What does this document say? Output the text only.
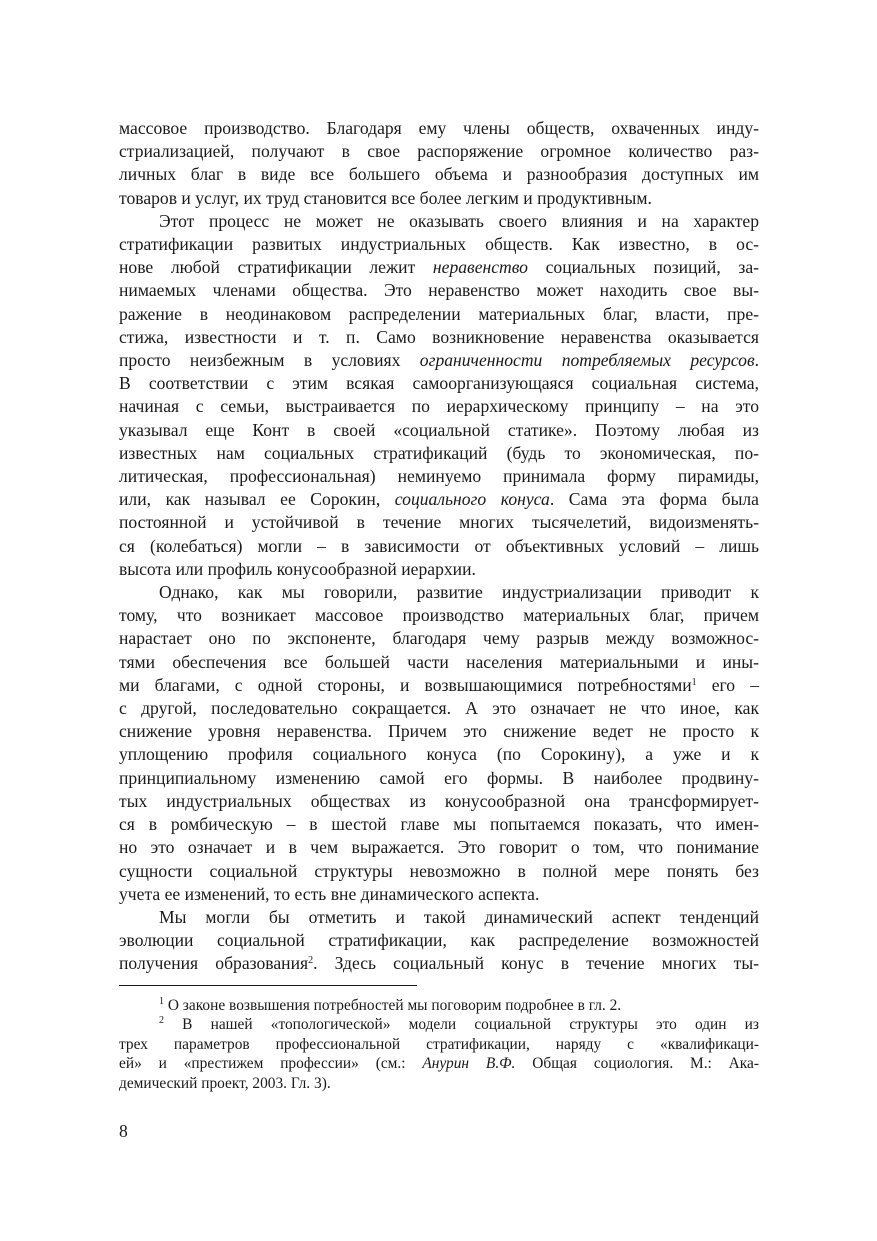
массовое производство. Благодаря ему члены обществ, охваченных инду-
стриализацией, получают в свое распоряжение огромное количество раз-
личных благ в виде все большего объема и разнообразия доступных им
товаров и услуг, их труд становится все более легким и продуктивным.
Этот процесс не может не оказывать своего влияния и на характер
стратификации развитых индустриальных обществ. Как известно, в ос-
нове любой стратификации лежит неравенство социальных позиций, за-
нимаемых членами общества. Это неравенство может находить свое вы-
ражение в неодинаковом распределении материальных благ, власти, пре-
стижа, известности и т. п. Само возникновение неравенства оказывается
просто неизбежным в условиях ограниченности потребляемых ресурсов.
В соответствии с этим всякая самоорганизующаяся социальная система,
начиная с семьи, выстраивается по иерархическому принципу – на это
указывал еще Конт в своей «социальной статике». Поэтому любая из
известных нам социальных стратификаций (будь то экономическая, по-
литическая, профессиональная) неминуемо принимала форму пирамиды,
или, как называл ее Сорокин, социального конуса. Сама эта форма была
постоянной и устойчивой в течение многих тысячелетий, видоизменять-
ся (колебаться) могли – в зависимости от объективных условий – лишь
высота или профиль конусообразной иерархии.
Однако, как мы говорили, развитие индустриализации приводит к
тому, что возникает массовое производство материальных благ, причем
нарастает оно по экспоненте, благодаря чему разрыв между возможнос-
тями обеспечения все большей части населения материальными и ины-
ми благами, с одной стороны, и возвышающимися потребностями$^1$ его –
с другой, последовательно сокращается. А это означает не что иное, как
снижение уровня неравенства. Причем это снижение ведет не просто к
уплощению профиля социального конуса (по Сорокину), а уже и к
принципиальному изменению самой его формы. В наиболее продвину-
тых индустриальных обществах из конусообразной она трансформирует-
ся в ромбическую – в шестой главе мы попытаемся показать, что имен-
но это означает и в чем выражается. Это говорит о том, что понимание
сущности социальной структуры невозможно в полной мере понять без
учета ее изменений, то есть вне динамического аспекта.
Мы могли бы отметить и такой динамический аспект тенденций
эволюции социальной стратификации, как распределение возможностей
получения образования$^2$. Здесь социальный конус в течение многих ты-
$^1$ О законе возвышения потребностей мы поговорим подробнее в гл. 2.
$^2$ В нашей «топологической» модели социальной структуры это один из
трех параметров профессиональной стратификации, наряду с «квалификаци-
ей» и «престижем профессии» (см.: Анурин В.Ф. Общая социология. М.: Ака-
демический проект, 2003. Гл. 3).
8
